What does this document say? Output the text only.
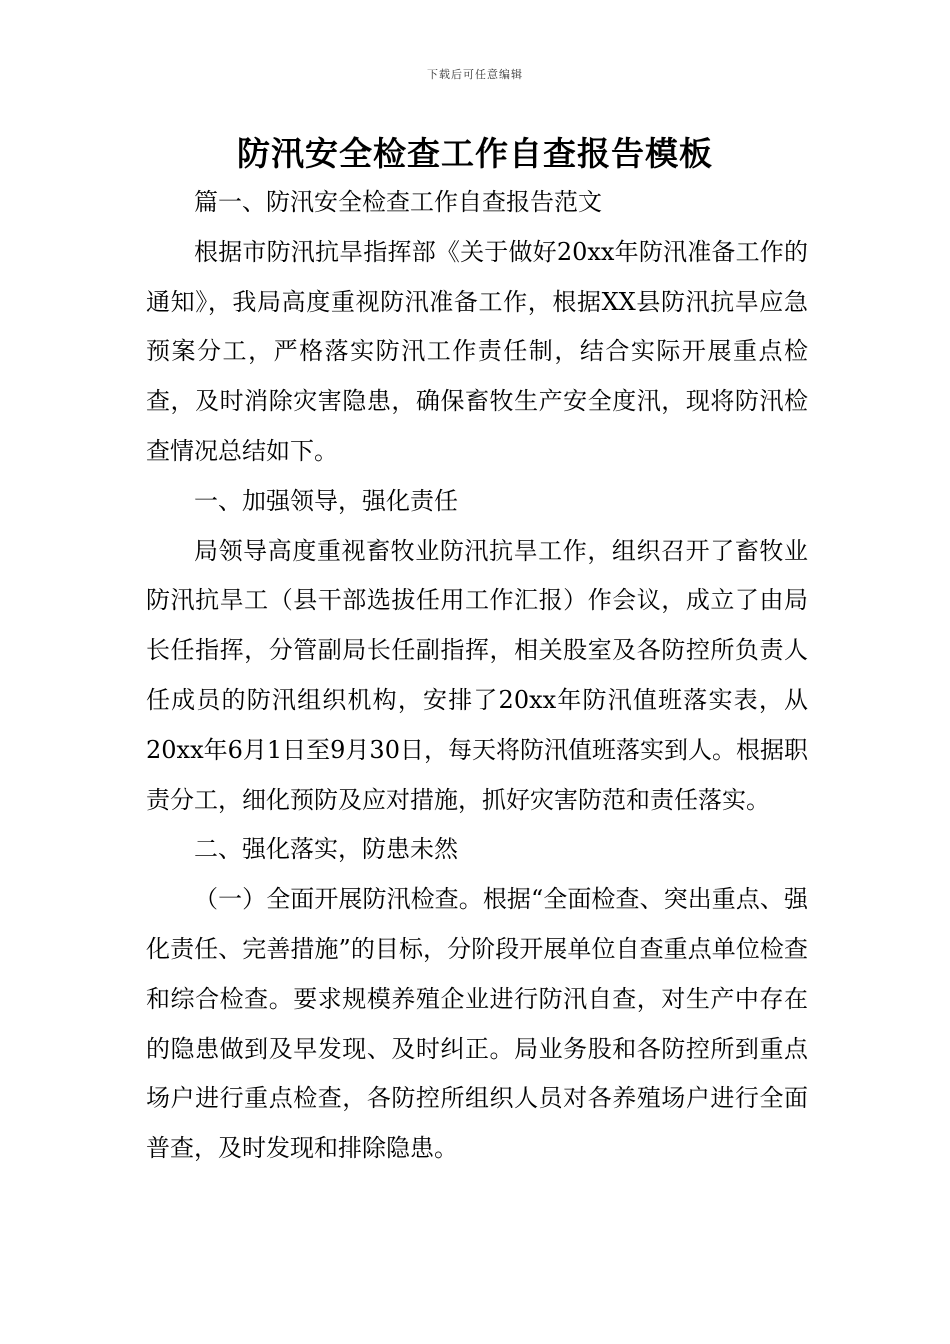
下载后可任意编辑
防汛安全检查工作自查报告模板

篇一、防汛安全检查工作自查报告范文

根据市防汛抗旱指挥部《关于做好20xx年防汛准备工作的通知》，我局高度重视防汛准备工作，根据XX县防汛抗旱应急预案分工，严格落实防汛工作责任制，结合实际开展重点检查，及时消除灾害隐患，确保畜牧生产安全度汛，现将防汛检查情况总结如下。

一、加强领导，强化责任

局领导高度重视畜牧业防汛抗旱工作，组织召开了畜牧业防汛抗旱工（县干部选拔任用工作汇报）作会议，成立了由局长任指挥，分管副局长任副指挥，相关股室及各防控所负责人任成员的防汛组织机构，安排了20xx年防汛值班落实表，从20xx年6月1日至9月30日，每天将防汛值班落实到人。根据职责分工，细化预防及应对措施，抓好灾害防范和责任落实。

二、强化落实，防患未然

（一）全面开展防汛检查。根据“全面检查、突出重点、强化责任、完善措施”的目标，分阶段开展单位自查重点单位检查和综合检查。要求规模养殖企业进行防汛自查，对生产中存在的隐患做到及早发现、及时纠正。局业务股和各防控所到重点场户进行重点检查，各防控所组织人员对各养殖场户进行全面普查，及时发现和排除隐患。
